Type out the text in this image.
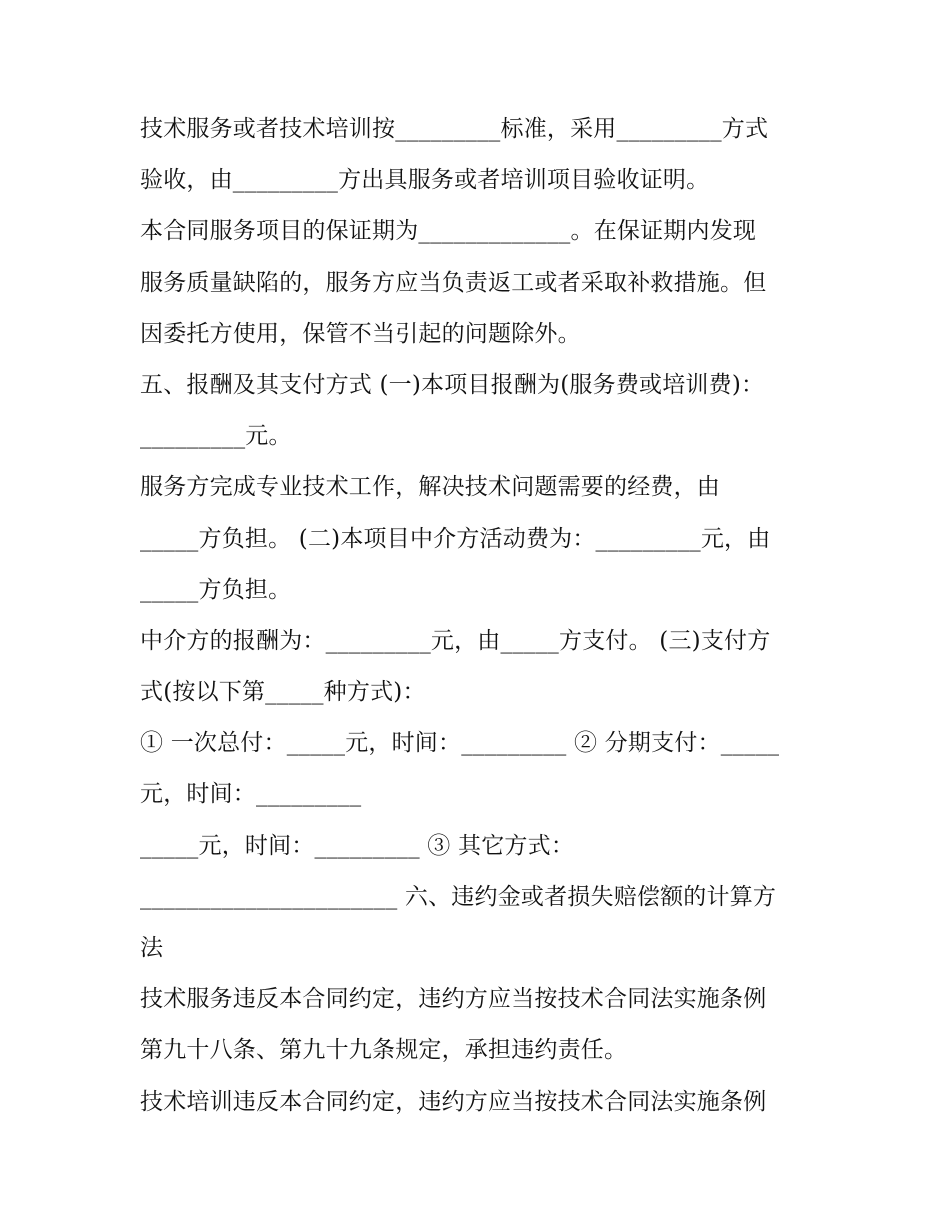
技术服务或者技术培训按_________标准，采用_________方式
验收，由_________方出具服务或者培训项目验收证明。
本合同服务项目的保证期为_____________。在保证期内发现
服务质量缺陷的，服务方应当负责返工或者采取补救措施。但
因委托方使用，保管不当引起的问题除外。
五、报酬及其支付方式 (一)本项目报酬为(服务费或培训费)：
_________元。
服务方完成专业技术工作，解决技术问题需要的经费，由
_____方负担。 (二)本项目中介方活动费为：_________元，由
_____方负担。
中介方的报酬为：_________元，由_____方支付。 (三)支付方
式(按以下第_____种方式)：
① 一次总付：_____元，时间：_________ ② 分期支付：_____
元，时间：_________
_____元，时间：_________ ③ 其它方式：
______________________ 六、违约金或者损失赔偿额的计算方
法
技术服务违反本合同约定，违约方应当按技术合同法实施条例
第九十八条、第九十九条规定，承担违约责任。
技术培训违反本合同约定，违约方应当按技术合同法实施条例
